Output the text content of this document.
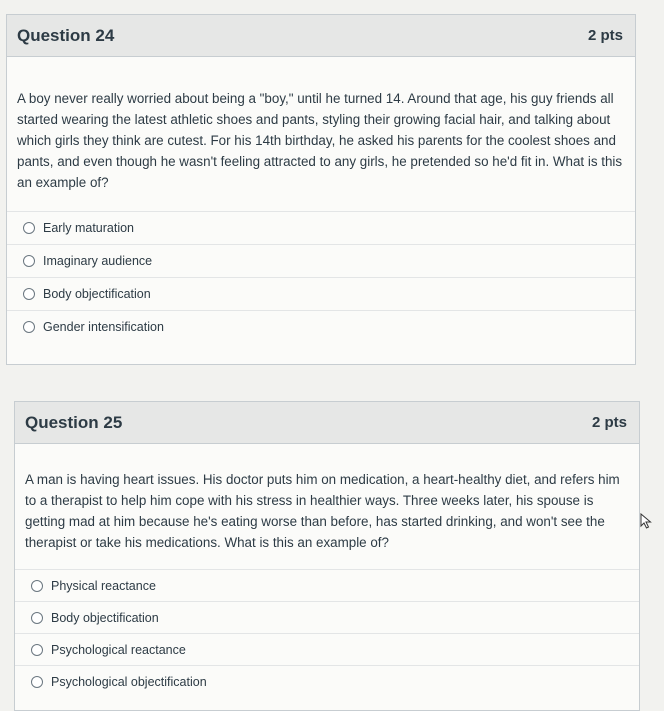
Question 24	2 pts
A boy never really worried about being a "boy," until he turned 14. Around that age, his guy friends all started wearing the latest athletic shoes and pants, styling their growing facial hair, and talking about which girls they think are cutest. For his 14th birthday, he asked his parents for the coolest shoes and pants, and even though he wasn't feeling attracted to any girls, he pretended so he'd fit in. What is this an example of?
Early maturation
Imaginary audience
Body objectification
Gender intensification
Question 25	2 pts
A man is having heart issues. His doctor puts him on medication, a heart-healthy diet, and refers him to a therapist to help him cope with his stress in healthier ways. Three weeks later, his spouse is getting mad at him because he's eating worse than before, has started drinking, and won't see the therapist or take his medications. What is this an example of?
Physical reactance
Body objectification
Psychological reactance
Psychological objectification
